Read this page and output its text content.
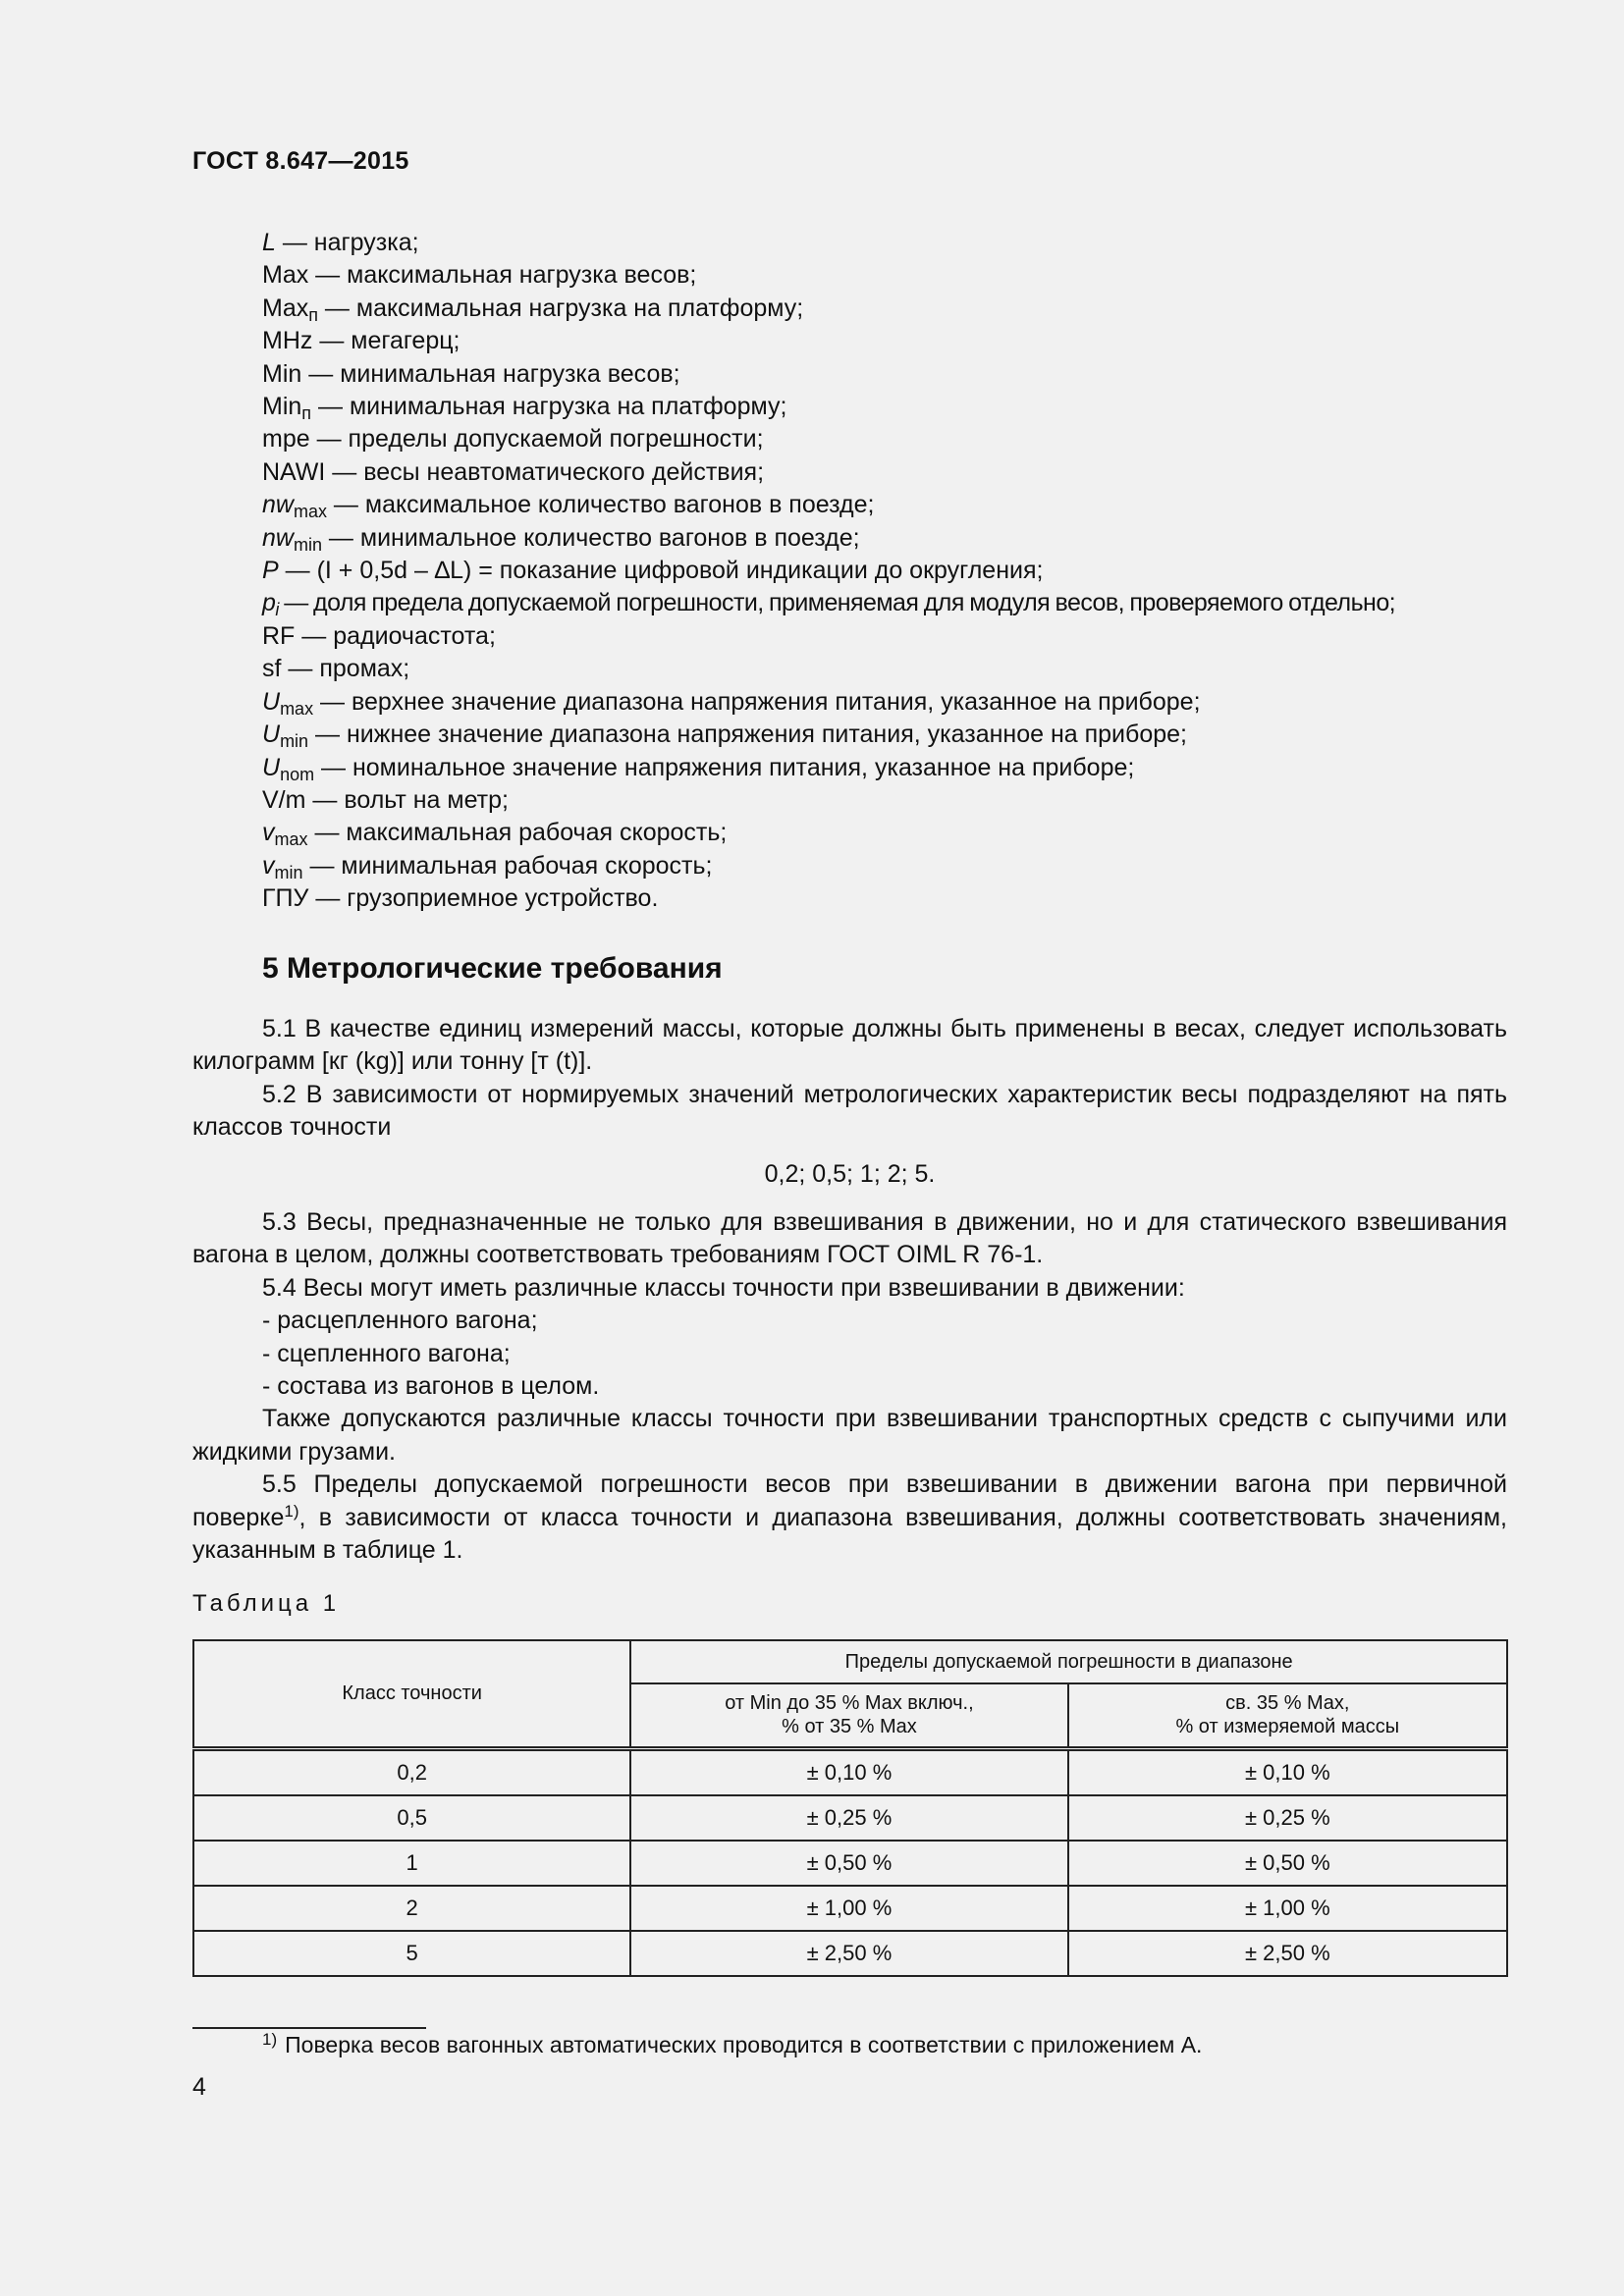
ГОСТ 8.647—2015
L — нагрузка;
Max — максимальная нагрузка весов;
Max$_п$ — максимальная нагрузка на платформу;
MHz — мегагерц;
Min — минимальная нагрузка весов;
Min$_п$ — минимальная нагрузка на платформу;
mpe — пределы допускаемой погрешности;
NAWI — весы неавтоматического действия;
$nw_{max}$ — максимальное количество вагонов в поезде;
$nw_{min}$ — минимальное количество вагонов в поезде;
P — (I + 0,5d – ∆L) = показание цифровой индикации до округления;
$p_i$ — доля предела допускаемой погрешности, применяемая для модуля весов, проверяемого отдельно;
RF — радиочастота;
sf — промах;
$U_{max}$ — верхнее значение диапазона напряжения питания, указанное на приборе;
$U_{min}$ — нижнее значение диапазона напряжения питания, указанное на приборе;
$U_{nom}$ — номинальное значение напряжения питания, указанное на приборе;
V/m — вольт на метр;
$v_{max}$ — максимальная рабочая скорость;
$v_{min}$ — минимальная рабочая скорость;
ГПУ — грузоприемное устройство.
5 Метрологические требования

5.1 В качестве единиц измерений массы, которые должны быть применены в весах, следует использовать килограмм [кг (kg)] или тонну [т (t)].

5.2 В зависимости от нормируемых значений метрологических характеристик весы подразделяют на пять классов точности

0,2; 0,5; 1; 2; 5.

5.3 Весы, предназначенные не только для взвешивания в движении, но и для статического взвешивания вагона в целом, должны соответствовать требованиям ГОСТ OIML R 76-1.

5.4 Весы могут иметь различные классы точности при взвешивании в движении:

- расцепленного вагона;

- сцепленного вагона;

- состава из вагонов в целом.

Также допускаются различные классы точности при взвешивании транспортных средств с сыпучими или жидкими грузами.

5.5 Пределы допускаемой погрешности весов при взвешивании в движении вагона при первичной поверке$^{1)}$, в зависимости от класса точности и диапазона взвешивания, должны соответствовать значениям, указанным в таблице 1.

Таблица 1
Класс точности	Пределы допускаемой погрешности в диапазоне	
	от Min до 35 % Max включ.,
% от 35 % Max	св. 35 % Max,
% от измеряемой массы
0,2	± 0,10 %	± 0,10 %
0,5	± 0,25 %	± 0,25 %
1	± 0,50 %	± 0,50 %
2	± 1,00 %	± 1,00 %
5	± 2,50 %	± 2,50 %
$^{1)}$ Поверка весов вагонных автоматических проводится в соответствии с приложением А.
4
